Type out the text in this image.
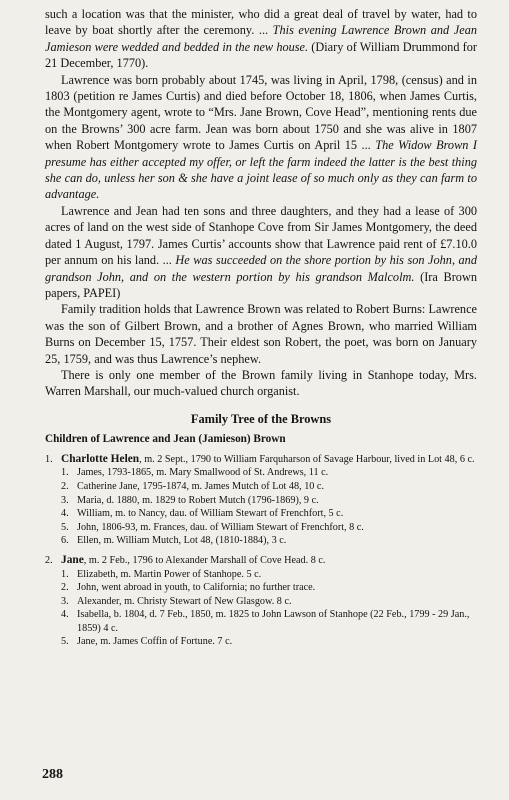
such a location was that the minister, who did a great deal of travel by water, had to leave by boat shortly after the ceremony. ... This evening Lawrence Brown and Jean Jamieson were wedded and bedded in the new house. (Diary of William Drummond for 21 December, 1770).

Lawrence was born probably about 1745, was living in April, 1798, (census) and in 1803 (petition re James Curtis) and died before October 18, 1806, when James Curtis, the Montgomery agent, wrote to “Mrs. Jane Brown, Cove Head”, mentioning rents due on the Browns’ 300 acre farm. Jean was born about 1750 and she was alive in 1807 when Robert Montgomery wrote to James Curtis on April 15 ... The Widow Brown I presume has either accepted my offer, or left the farm indeed the latter is the best thing she can do, unless her son & she have a joint lease of so much only as they can farm to advantage.

Lawrence and Jean had ten sons and three daughters, and they had a lease of 300 acres of land on the west side of Stanhope Cove from Sir James Montgomery, the deed dated 1 August, 1797. James Curtis’ accounts show that Lawrence paid rent of £7.10.0 per annum on his land. ... He was succeeded on the shore portion by his son John, and grandson John, and on the western portion by his grandson Malcolm. (Ira Brown papers, PAPEI)

Family tradition holds that Lawrence Brown was related to Robert Burns: Lawrence was the son of Gilbert Brown, and a brother of Agnes Brown, who married William Burns on December 15, 1757. Their eldest son Robert, the poet, was born on January 25, 1759, and was thus Lawrence’s nephew.

There is only one member of the Brown family living in Stanhope today, Mrs. Warren Marshall, our much-valued church organist.

Family Tree of the Browns
Children of Lawrence and Jean (Jamieson) Brown
1. Charlotte Helen, m. 2 Sept., 1790 to William Farquharson of Savage Harbour, lived in Lot 48, 6 c.
1. James, 1793-1865, m. Mary Smallwood of St. Andrews, 11 c.
2. Catherine Jane, 1795-1874, m. James Mutch of Lot 48, 10 c.
3. Maria, d. 1880, m. 1829 to Robert Mutch (1796-1869), 9 c.
4. William, m. to Nancy, dau. of William Stewart of Frenchfort, 5 c.
5. John, 1806-93, m. Frances, dau. of William Stewart of Frenchfort, 8 c.
6. Ellen, m. William Mutch, Lot 48, (1810-1884), 3 c.
2. Jane, m. 2 Feb., 1796 to Alexander Marshall of Cove Head. 8 c.
1. Elizabeth, m. Martin Power of Stanhope. 5 c.
2. John, went abroad in youth, to California; no further trace.
3. Alexander, m. Christy Stewart of New Glasgow. 8 c.
4. Isabella, b. 1804, d. 7 Feb., 1850, m. 1825 to John Lawson of Stanhope (22 Feb., 1799 - 29 Jan., 1859) 4 c.
5. Jane, m. James Coffin of Fortune. 7 c.
288
